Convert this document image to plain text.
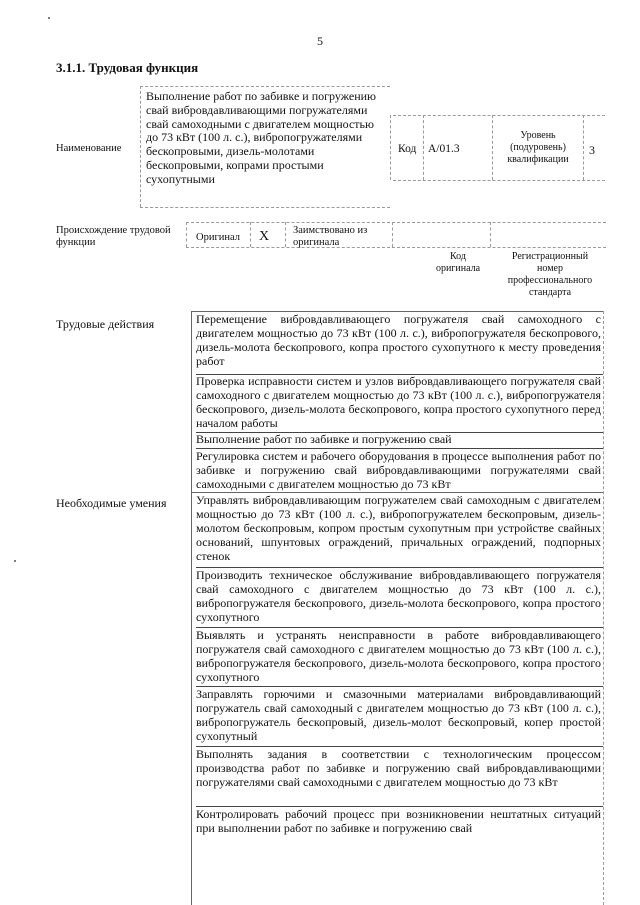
5
3.1.1. Трудовая функция
Наименование
Выполнение работ по забивке и погружению свай вибровдавливающими погружателями свай самоходными с двигателем мощностью до 73 кВт (100 л. с.), вибропогружателями бескопровыми, дизель-молотами бескопровыми, копрами простыми сухопутными
Код A/01.3
Уровень (подуровень) квалификации
3
Происхождение трудовой функции	Оригинал X Заимствовано из оригинала
Код оригинала
Регистрационный номер профессионального стандарта
Трудовые действия	Перемещение вибровдавливающего погружателя свай самоходного с двигателем мощностью до 73 кВт (100 л. с.), вибропогружателя бескопрового, дизель-молота бескопрового, копра простого сухопутного к месту проведения работ
Проверка исправности систем и узлов вибровдавливающего погружателя свай самоходного с двигателем мощностью до 73 кВт (100 л. с.), вибропогружателя бескопрового, дизель-молота бескопрового, копра простого сухопутного перед началом работы
Выполнение работ по забивке и погружению свай
Регулировка систем и рабочего оборудования в процессе выполнения работ по забивке и погружению свай вибровдавливающими погружателями свай самоходными с двигателем мощностью до 73 кВт
Необходимые умения Управлять вибровдавливающим погружателем свай самоходным с двигателем мощностью до 73 кВт (100 л. с.), вибропогружателем бескопровым, дизель-молотом бескопровым, копром простым сухопутным при устройстве свайных оснований, шпунтовых ограждений, причальных ограждений, подпорных стенок
Производить техническое обслуживание вибровдавливающего погружателя свай самоходного с двигателем мощностью до 73 кВт (100 л. с.), вибропогружателя бескопрового, дизель-молота бескопрового, копра простого сухопутного
Выявлять и устранять неисправности в работе вибровдавливающего погружателя свай самоходного с двигателем мощностью до 73 кВт (100 л. с.), вибропогружателя бескопрового, дизель-молота бескопрового, копра простого сухопутного
Заправлять горючими и смазочными материалами вибровдавливающий погружатель свай самоходный с двигателем мощностью до 73 кВт (100 л. с.), вибропогружатель бескопровый, дизель-молот бескопровый, копер простой сухопутный
Выполнять задания в соответствии с технологическим процессом производства работ по забивке и погружению свай вибровдавливающими погружателями свай самоходными с двигателем мощностью до 73 кВт
Контролировать рабочий процесс при возникновении нештатных ситуаций при выполнении работ по забивке и погружению свай
